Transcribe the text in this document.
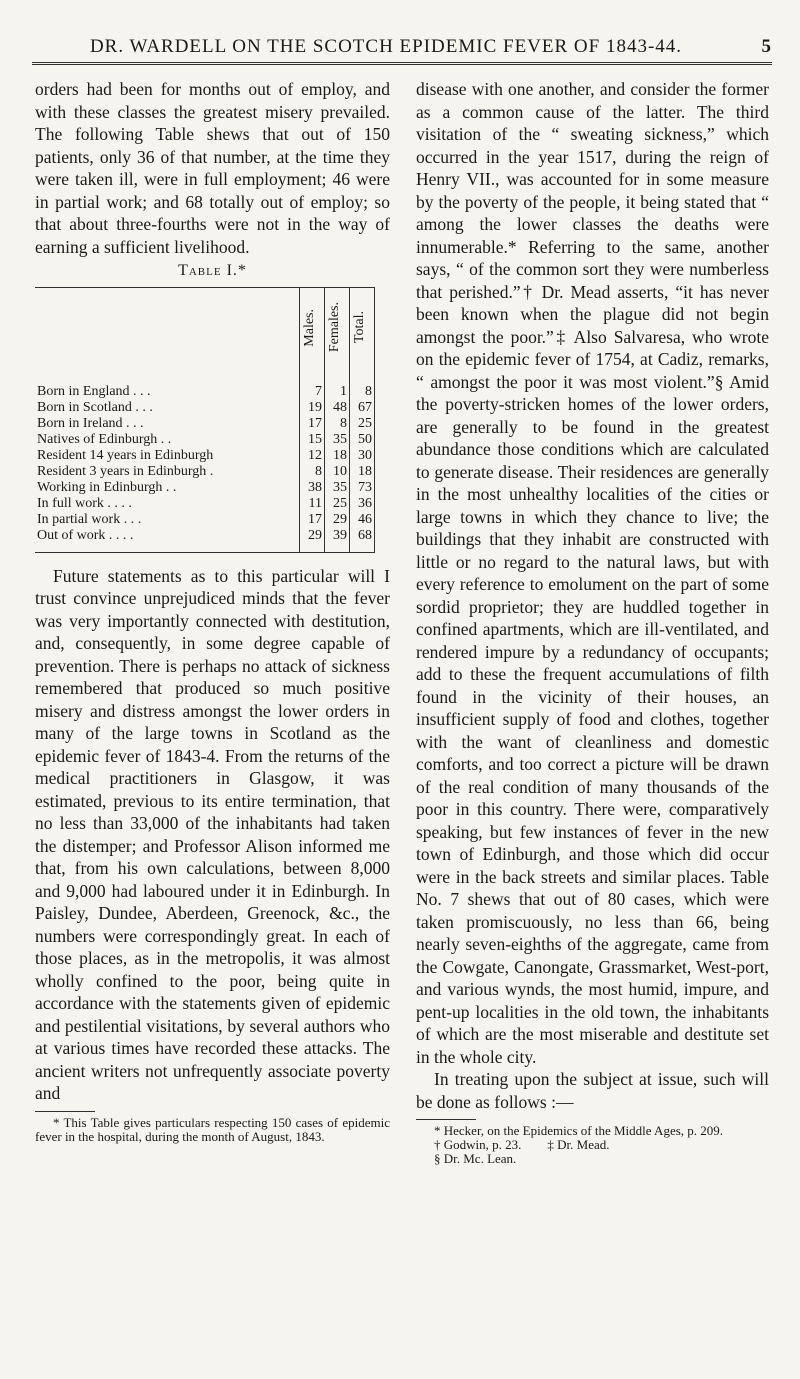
DR. WARDELL ON THE SCOTCH EPIDEMIC FEVER OF 1843-44.	5

orders had been for months out of employ, and with these classes the greatest misery prevailed. The following Table shews that out of 150 patients, only 36 of that number, at the time they were taken ill, were in full employment; 46 were in partial work; and 68 totally out of employ; so that about three-fourths were not in the way of earning a sufficient livelihood.

Table I.*
	Males.	Females.	Total.

Born in England . . .	7	1	8
Born in Scotland . . .	19	48	67
Born in Ireland . . .	17	8	25
Natives of Edinburgh . .	15	35	50
Resident 14 years in Edinburgh	12	18	30
Resident 3 years in Edinburgh .	8	10	18
Working in Edinburgh . .	38	35	73
In full work . . . .	11	25	36
In partial work . . .	17	29	46
Out of work . . . .	29	39	68

Future statements as to this particular will I trust convince unprejudiced minds that the fever was very importantly connected with destitution, and, consequently, in some degree capable of prevention. There is perhaps no attack of sickness remembered that produced so much positive misery and distress amongst the lower orders in many of the large towns in Scotland as the epidemic fever of 1843-4. From the returns of the medical practitioners in Glasgow, it was estimated, previous to its entire termination, that no less than 33,000 of the inhabitants had taken the distemper; and Professor Alison informed me that, from his own calculations, between 8,000 and 9,000 had laboured under it in Edinburgh. In Paisley, Dundee, Aberdeen, Greenock, &c., the numbers were correspondingly great. In each of those places, as in the metropolis, it was almost wholly confined to the poor, being quite in accordance with the statements given of epidemic and pestilential visitations, by several authors who at various times have recorded these attacks. The ancient writers not unfrequently associate poverty and

* This Table gives particulars respecting 150 cases of epidemic fever in the hospital, during the month of August, 1843.

disease with one another, and consider the former as a common cause of the latter. The third visitation of the “ sweating sickness,” which occurred in the year 1517, during the reign of Henry VII., was accounted for in some measure by the poverty of the people, it being stated that “ among the lower classes the deaths were innumerable.* Referring to the same, another says, “ of the common sort they were numberless that perished.”† Dr. Mead asserts, “it has never been known when the plague did not begin amongst the poor.”‡ Also Salvaresa, who wrote on the epidemic fever of 1754, at Cadiz, remarks, “ amongst the poor it was most violent.”§ Amid the poverty-stricken homes of the lower orders, are generally to be found in the greatest abundance those conditions which are calculated to generate disease. Their residences are generally in the most unhealthy localities of the cities or large towns in which they chance to live; the buildings that they inhabit are constructed with little or no regard to the natural laws, but with every reference to emolument on the part of some sordid proprietor; they are huddled together in confined apartments, which are ill-ventilated, and rendered impure by a redundancy of occupants; add to these the frequent accumulations of filth found in the vicinity of their houses, an insufficient supply of food and clothes, together with the want of cleanliness and domestic comforts, and too correct a picture will be drawn of the real condition of many thousands of the poor in this country. There were, comparatively speaking, but few instances of fever in the new town of Edinburgh, and those which did occur were in the back streets and similar places. Table No. 7 shews that out of 80 cases, which were taken promiscuously, no less than 66, being nearly seven-eighths of the aggregate, came from the Cowgate, Canongate, Grassmarket, West-port, and various wynds, the most humid, impure, and pent-up localities in the old town, the inhabitants of which are the most miserable and destitute set in the whole city.

In treating upon the subject at issue, such will be done as follows :—

* Hecker, on the Epidemics of the Middle Ages, p. 209.

† Godwin, p. 23. ‡ Dr. Mead.

§ Dr. Mc. Lean.
